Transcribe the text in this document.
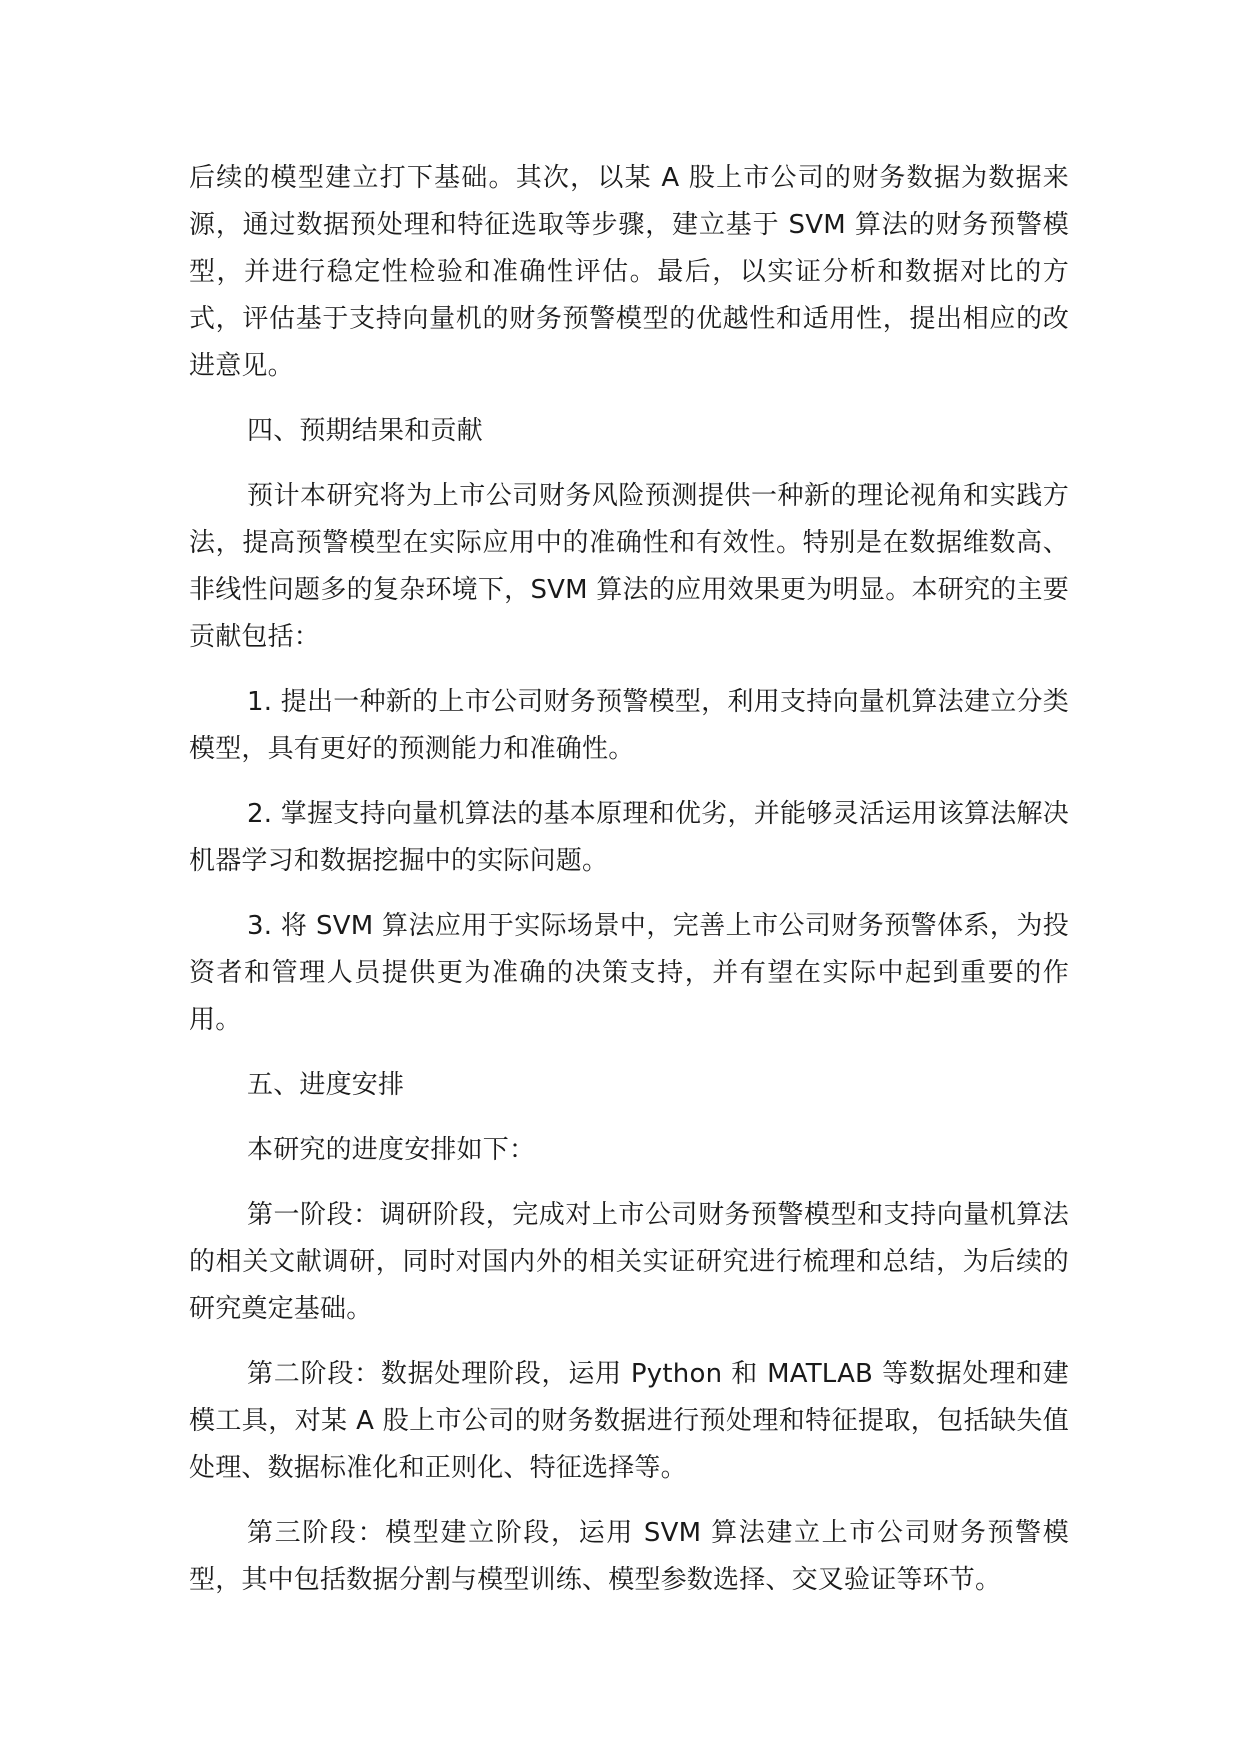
后续的模型建立打下基础。其次，以某 A 股上市公司的财务数据为数据来源，通过数据预处理和特征选取等步骤，建立基于 SVM 算法的财务预警模型，并进行稳定性检验和准确性评估。最后，以实证分析和数据对比的方式，评估基于支持向量机的财务预警模型的优越性和适用性，提出相应的改进意见。

四、预期结果和贡献

预计本研究将为上市公司财务风险预测提供一种新的理论视角和实践方法，提高预警模型在实际应用中的准确性和有效性。特别是在数据维数高、非线性问题多的复杂环境下，SVM 算法的应用效果更为明显。本研究的主要贡献包括：

1. 提出一种新的上市公司财务预警模型，利用支持向量机算法建立分类模型，具有更好的预测能力和准确性。

2. 掌握支持向量机算法的基本原理和优劣，并能够灵活运用该算法解决机器学习和数据挖掘中的实际问题。

3. 将 SVM 算法应用于实际场景中，完善上市公司财务预警体系，为投资者和管理人员提供更为准确的决策支持，并有望在实际中起到重要的作用。

五、进度安排

本研究的进度安排如下：

第一阶段：调研阶段，完成对上市公司财务预警模型和支持向量机算法的相关文献调研，同时对国内外的相关实证研究进行梳理和总结，为后续的研究奠定基础。

第二阶段：数据处理阶段，运用 Python 和 MATLAB 等数据处理和建模工具，对某 A 股上市公司的财务数据进行预处理和特征提取，包括缺失值处理、数据标准化和正则化、特征选择等。

第三阶段：模型建立阶段，运用 SVM 算法建立上市公司财务预警模型，其中包括数据分割与模型训练、模型参数选择、交叉验证等环节。
